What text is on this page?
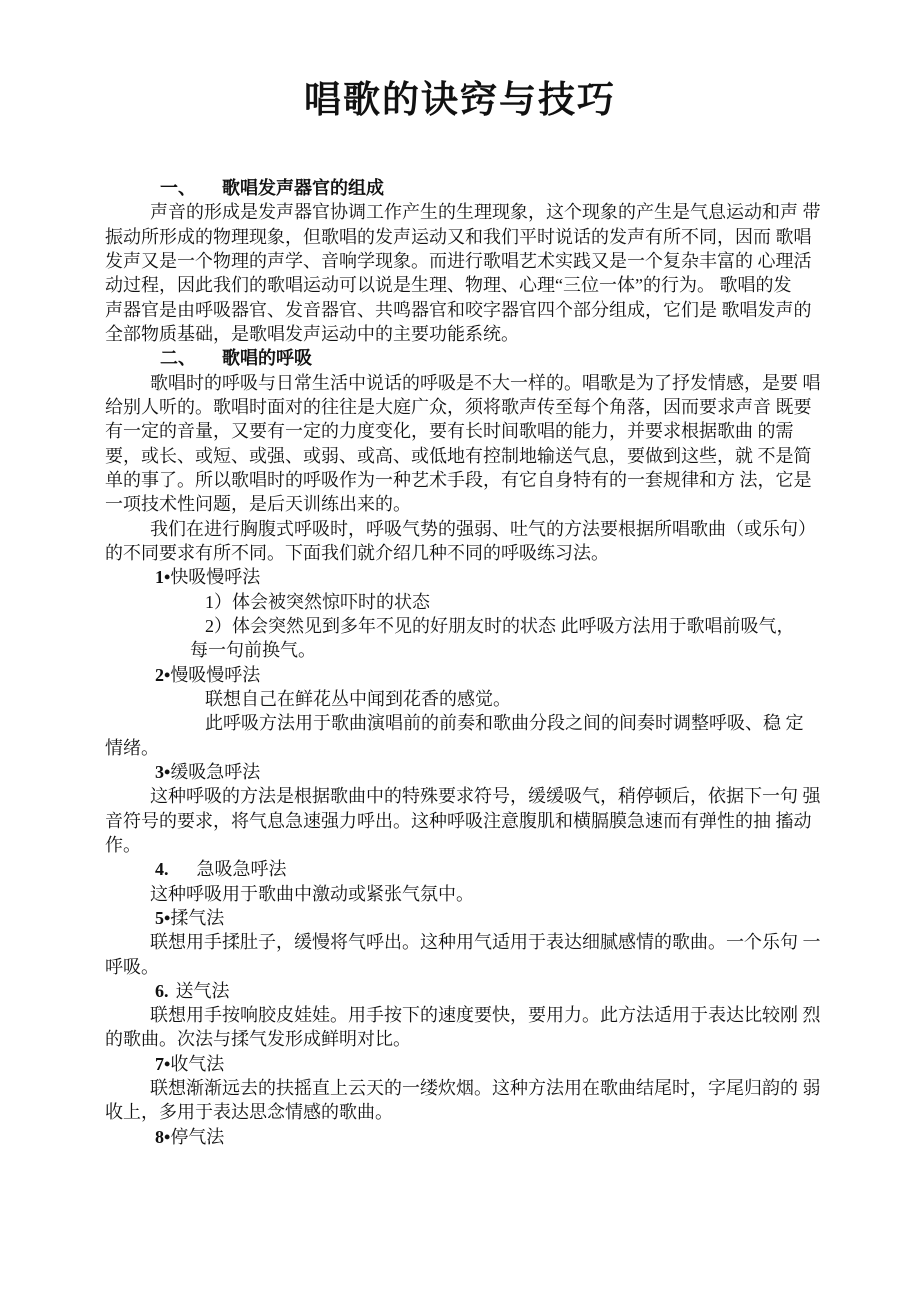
唱歌的诀窍与技巧
一、 歌唱发声器官的组成
声音的形成是发声器官协调工作产生的生理现象，这个现象的产生是气息运动和声 带
振动所形成的物理现象，但歌唱的发声运动又和我们平时说话的发声有所不同，因而 歌唱
发声又是一个物理的声学、音响学现象。而进行歌唱艺术实践又是一个复杂丰富的 心理活
动过程，因此我们的歌唱运动可以说是生理、物理、心理“三位一体”的行为。 歌唱的发
声器官是由呼吸器官、发音器官、共鸣器官和咬字器官四个部分组成，它们是 歌唱发声的
全部物质基础，是歌唱发声运动中的主要功能系统。
二、 歌唱的呼吸
歌唱时的呼吸与日常生活中说话的呼吸是不大一样的。唱歌是为了抒发情感，是要 唱
给别人听的。歌唱时面对的往往是大庭广众，须将歌声传至每个角落，因而要求声音 既要
有一定的音量，又要有一定的力度变化，要有长时间歌唱的能力，并要求根据歌曲 的需
要，或长、或短、或强、或弱、或高、或低地有控制地输送气息，要做到这些，就 不是简
单的事了。所以歌唱时的呼吸作为一种艺术手段，有它自身特有的一套规律和方 法，它是
一项技术性问题，是后天训练出来的。
我们在进行胸腹式呼吸时，呼吸气势的强弱、吐气的方法要根据所唱歌曲（或乐句）
的不同要求有所不同。下面我们就介绍几种不同的呼吸练习法。
1•快吸慢呼法
1）体会被突然惊吓时的状态
2）体会突然见到多年不见的好朋友时的状态 此呼吸方法用于歌唱前吸气，
每一句前换气。
2•慢吸慢呼法
联想自己在鲜花丛中闻到花香的感觉。
此呼吸方法用于歌曲演唱前的前奏和歌曲分段之间的间奏时调整呼吸、稳 定
情绪。
3•缓吸急呼法
这种呼吸的方法是根据歌曲中的特殊要求符号，缓缓吸气，稍停顿后，依据下一句 强
音符号的要求，将气息急速强力呼出。这种呼吸注意腹肌和横膈膜急速而有弹性的抽 搐动
作。
4. 急吸急呼法
这种呼吸用于歌曲中激动或紧张气氛中。
5•揉气法
联想用手揉肚子，缓慢将气呼出。这种用气适用于表达细腻感情的歌曲。一个乐句 一
呼吸。
6. 送气法
联想用手按响胶皮娃娃。用手按下的速度要快，要用力。此方法适用于表达比较刚 烈
的歌曲。次法与揉气发形成鲜明对比。
7•收气法
联想渐渐远去的扶摇直上云天的一缕炊烟。这种方法用在歌曲结尾时，字尾归韵的 弱
收上，多用于表达思念情感的歌曲。
8•停气法
